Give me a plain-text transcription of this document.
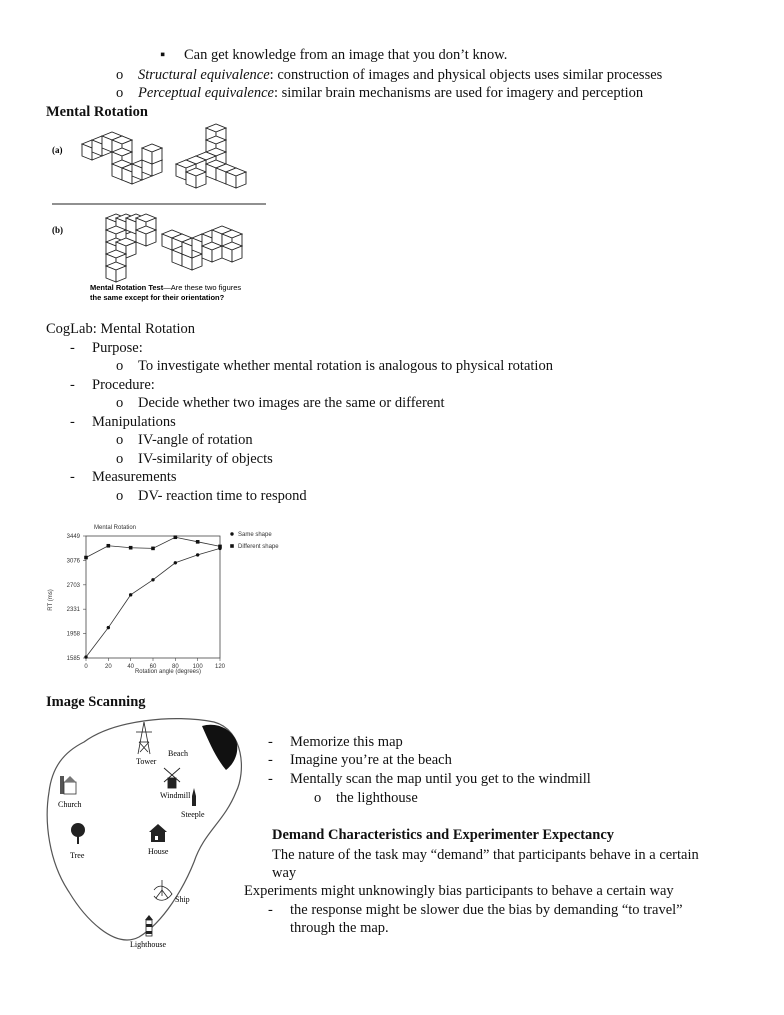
▪ Can get knowledge from an image that you don’t know.
o Structural equivalence: construction of images and physical objects uses similar processes
o Perceptual equivalence: similar brain mechanisms are used for imagery and perception
Mental Rotation
(a)
(b)
Mental Rotation Test—Are these two figures
the same except for their orientation?
CogLab: Mental Rotation
- Purpose:
o To investigate whether mental rotation is analogous to physical rotation
- Procedure:
o Decide whether two images are the same or different
- Manipulations
o IV-angle of rotation
o IV-similarity of objects
- Measurements
o DV- reaction time to respond
Mental Rotation
RT (ms)
Rotation angle (degrees)
0	20	40	60	80 100 120
1585
1958
2331
2703
3076
3449	Same shape
Different shape
Image Scanning
Beach
Tower
Church
Windmill
Steeple
Tree	House
Ship
Lighthouse
- Memorize this map
- Imagine you’re at the beach
- Mentally scan the map until you get to the windmill
o the lighthouse
Demand Characteristics and Experimenter Expectancy
The nature of the task may “demand” that participants behave in a certain
way
Experiments might unknowingly bias participants to behave a certain way
- the response might be slower due the bias by demanding “to travel”
through the map.
